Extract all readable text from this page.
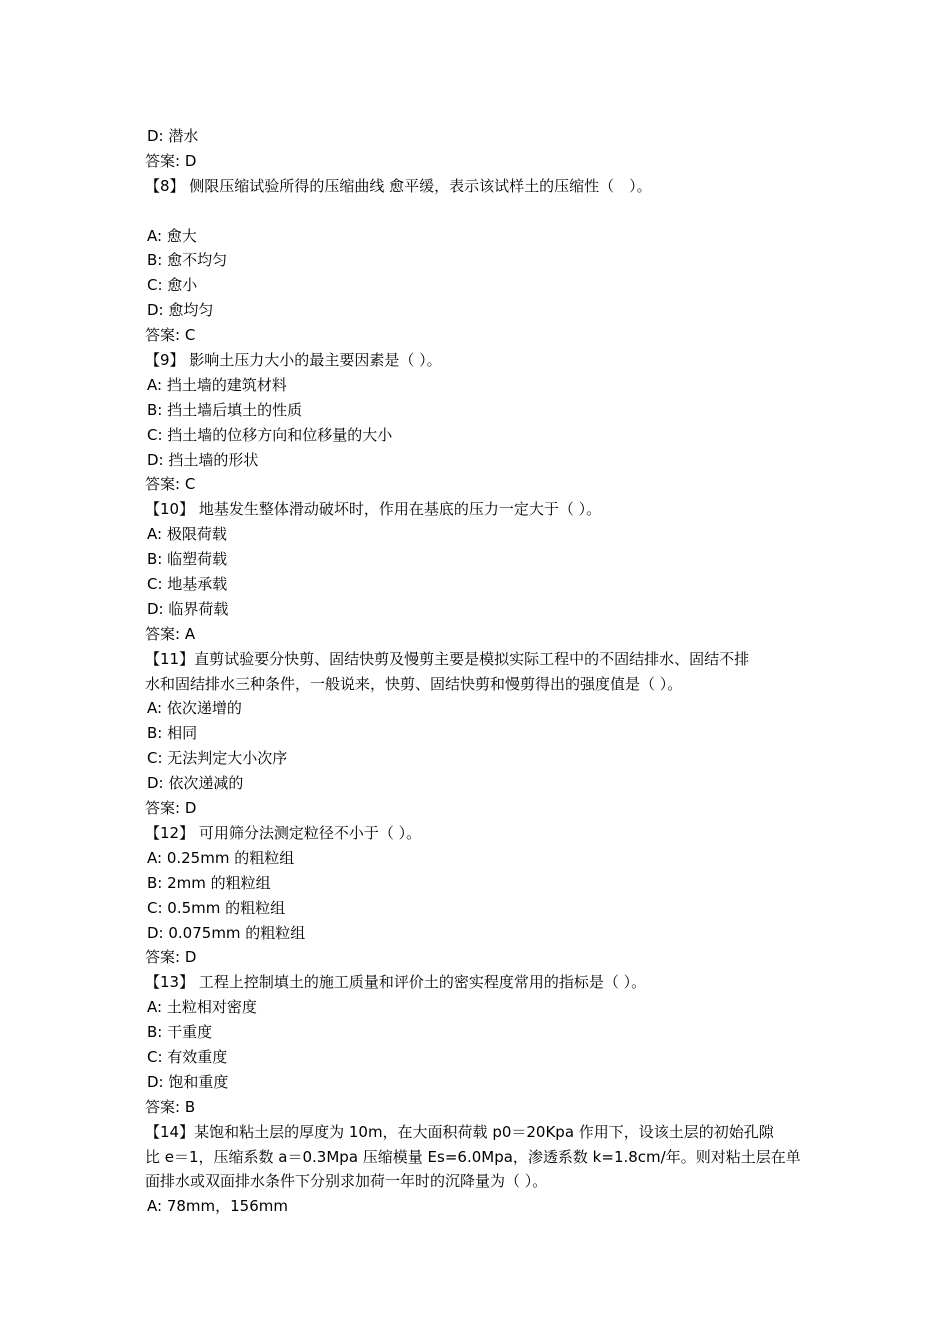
D: 潜水
答案: D
【8】 侧限压缩试验所得的压缩曲线 愈平缓，表示该试样土的压缩性（　）。
A: 愈大
B: 愈不均匀
C: 愈小
D: 愈均匀
答案: C
【9】 影响土压力大小的最主要因素是（ ）。
A: 挡土墙的建筑材料
B: 挡土墙后填土的性质
C: 挡土墙的位移方向和位移量的大小
D: 挡土墙的形状
答案: C
【10】 地基发生整体滑动破坏时，作用在基底的压力一定大于（ ）。
A: 极限荷载
B: 临塑荷载
C: 地基承载
D: 临界荷载
答案: A
【11】直剪试验要分快剪、固结快剪及慢剪主要是模拟实际工程中的不固结排水、固结不排
水和固结排水三种条件，一般说来，快剪、固结快剪和慢剪得出的强度值是（ ）。
A: 依次递增的
B: 相同
C: 无法判定大小次序
D: 依次递减的
答案: D
【12】 可用筛分法测定粒径不小于（ ）。
A: 0.25mm 的粗粒组
B: 2mm 的粗粒组
C: 0.5mm 的粗粒组
D: 0.075mm 的粗粒组
答案: D
【13】 工程上控制填土的施工质量和评价土的密实程度常用的指标是（ ）。
A: 土粒相对密度
B: 干重度
C: 有效重度
D: 饱和重度
答案: B
【14】某饱和粘土层的厚度为 10m，在大面积荷载 p0＝20Kpa 作用下，设该土层的初始孔隙
比 e＝1，压缩系数 a＝0.3Mpa 压缩模量 Es=6.0Mpa，渗透系数 k=1.8cm/年。则对粘土层在单
面排水或双面排水条件下分别求加荷一年时的沉降量为（ ）。
A: 78mm，156mm
